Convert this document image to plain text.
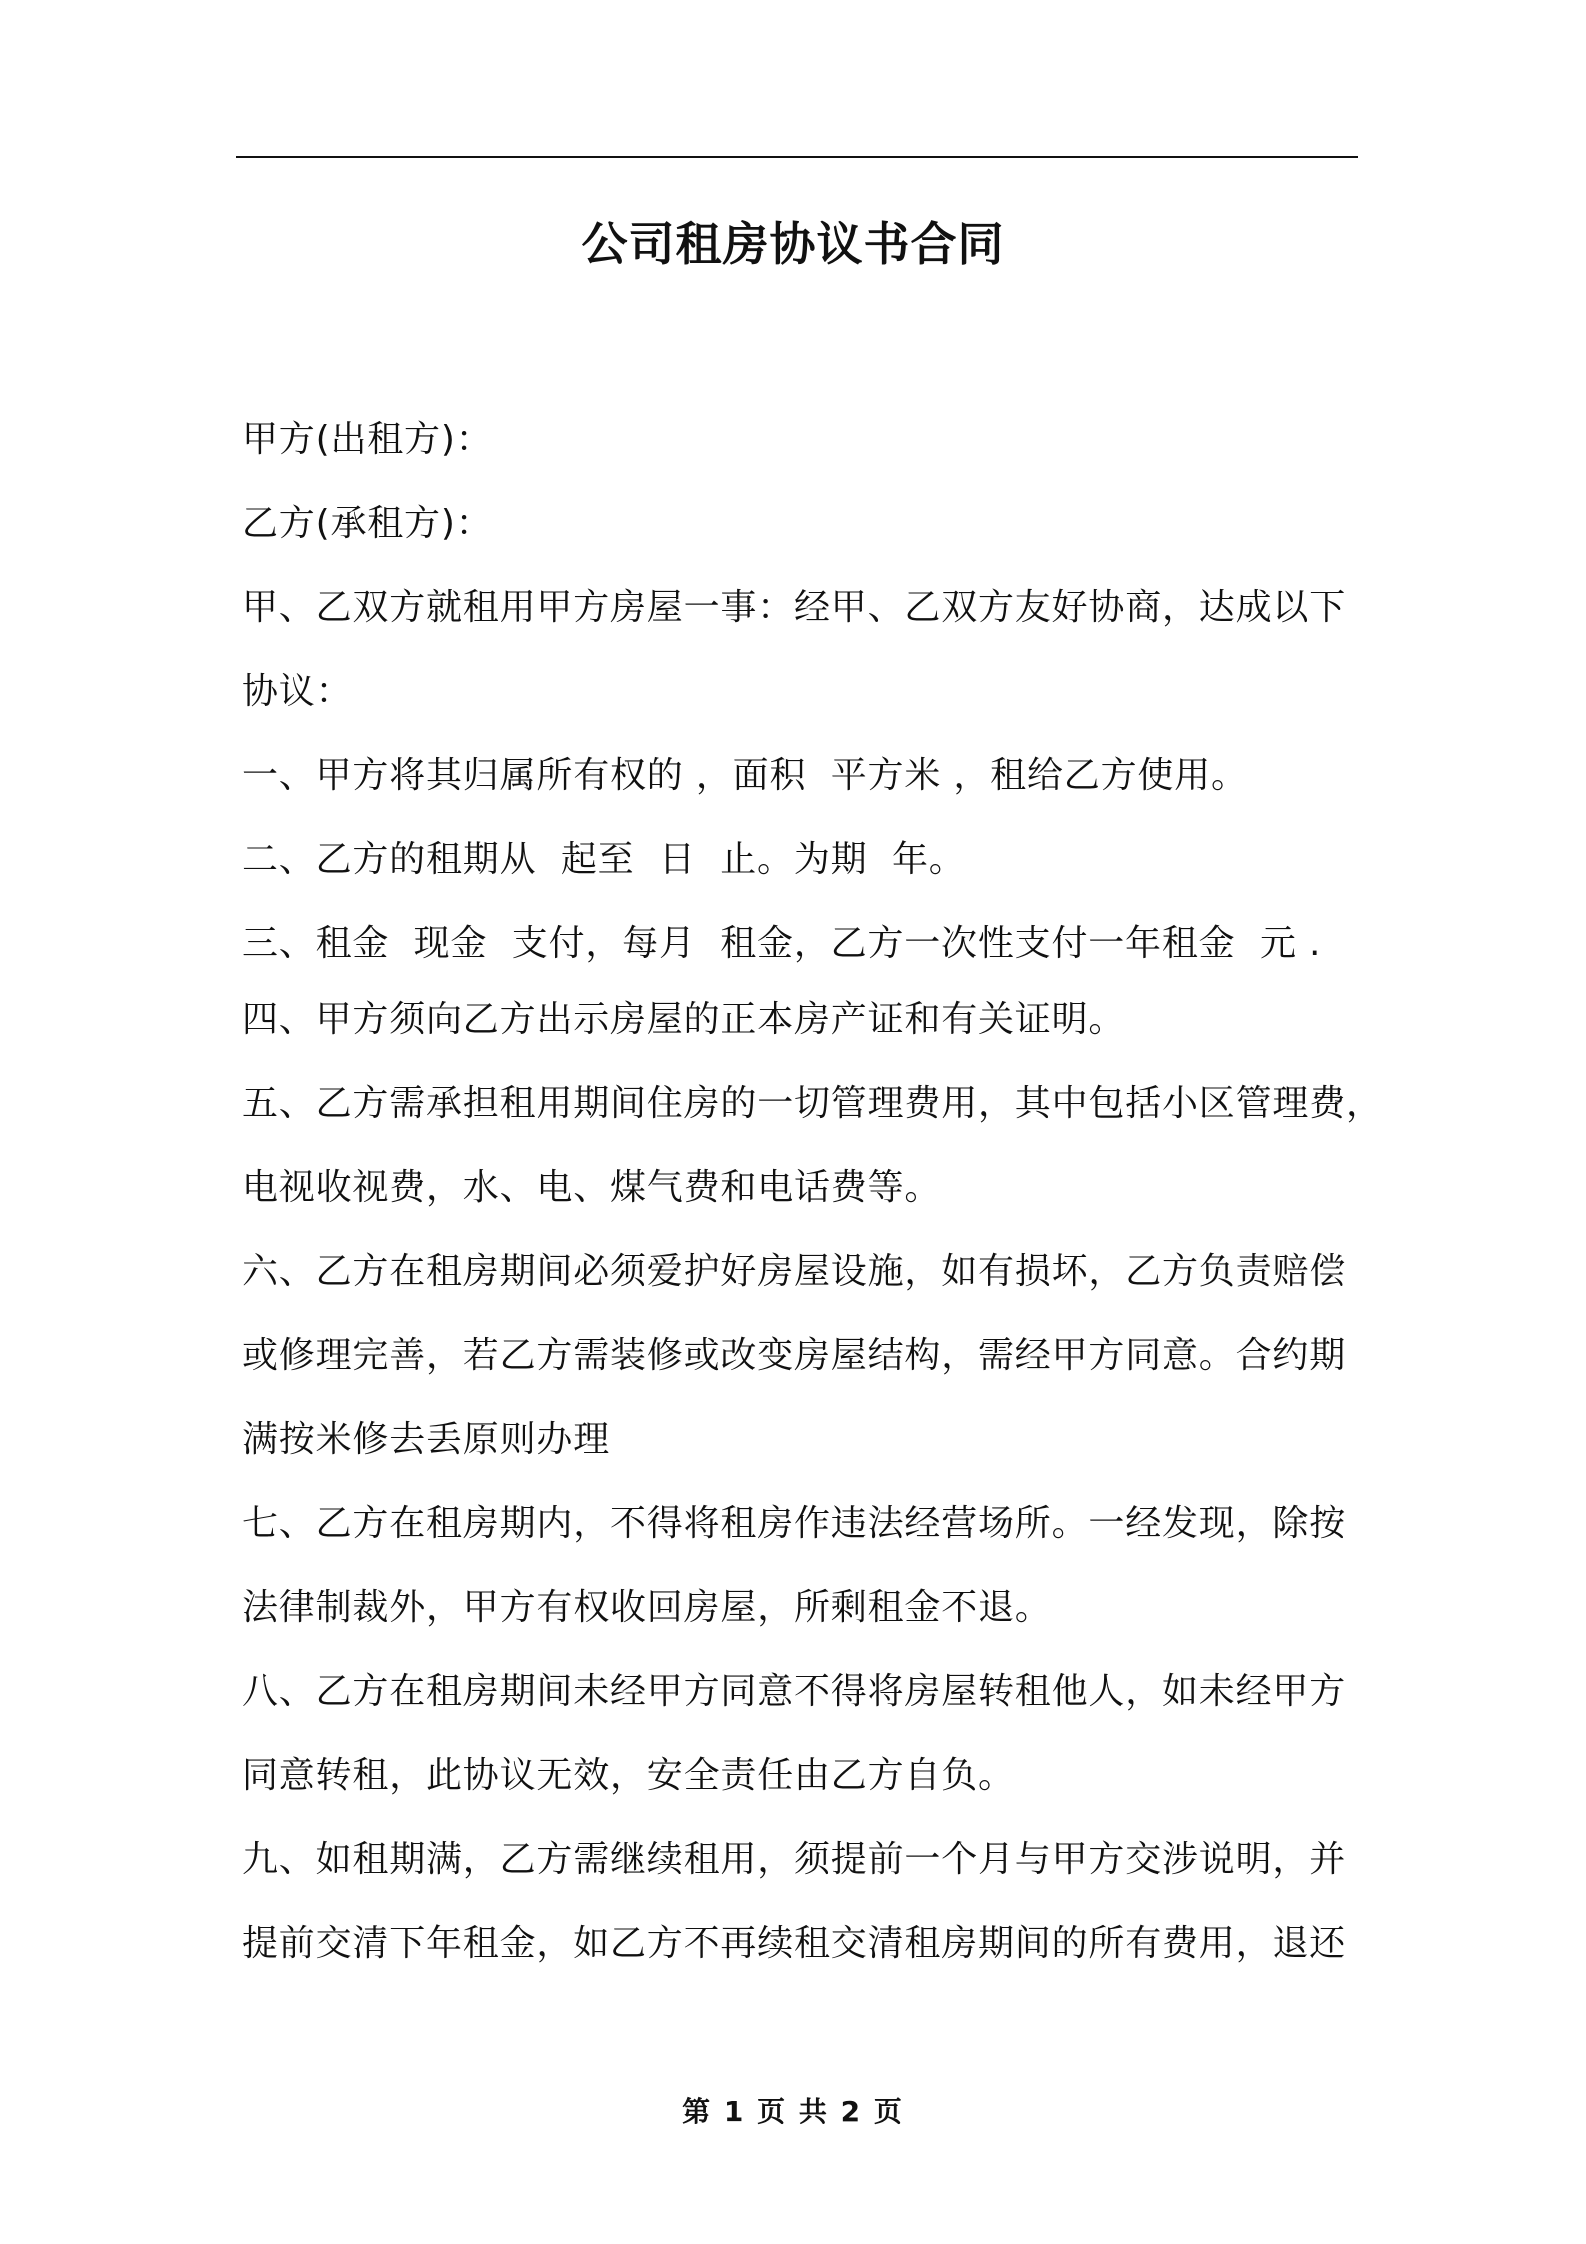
公司租房协议书合同
甲方(出租方)：
乙方(承租方)：
甲、乙双方就租用甲方房屋一事：经甲、乙双方友好协商，达成以下
协议：
一、甲方将其归属所有权的 ，面积  平方米 ，租给乙方使用。
二、乙方的租期从  起至  日  止。为期  年。
三、租金  现金  支付，每月  租金，乙方一次性支付一年租金  元 .
四、甲方须向乙方出示房屋的正本房产证和有关证明。
五、乙方需承担租用期间住房的一切管理费用，其中包括小区管理费，
电视收视费，水、电、煤气费和电话费等。
六、乙方在租房期间必须爱护好房屋设施，如有损坏，乙方负责赔偿
或修理完善，若乙方需装修或改变房屋结构，需经甲方同意。合约期
满按米修去丢原则办理
七、乙方在租房期内，不得将租房作违法经营场所。一经发现，除按
法律制裁外，甲方有权收回房屋，所剩租金不退。
八、乙方在租房期间未经甲方同意不得将房屋转租他人，如未经甲方
同意转租，此协议无效，安全责任由乙方自负。
九、如租期满，乙方需继续租用，须提前一个月与甲方交涉说明，并
提前交清下年租金，如乙方不再续租交清租房期间的所有费用，退还
第 1 页 共 2 页
